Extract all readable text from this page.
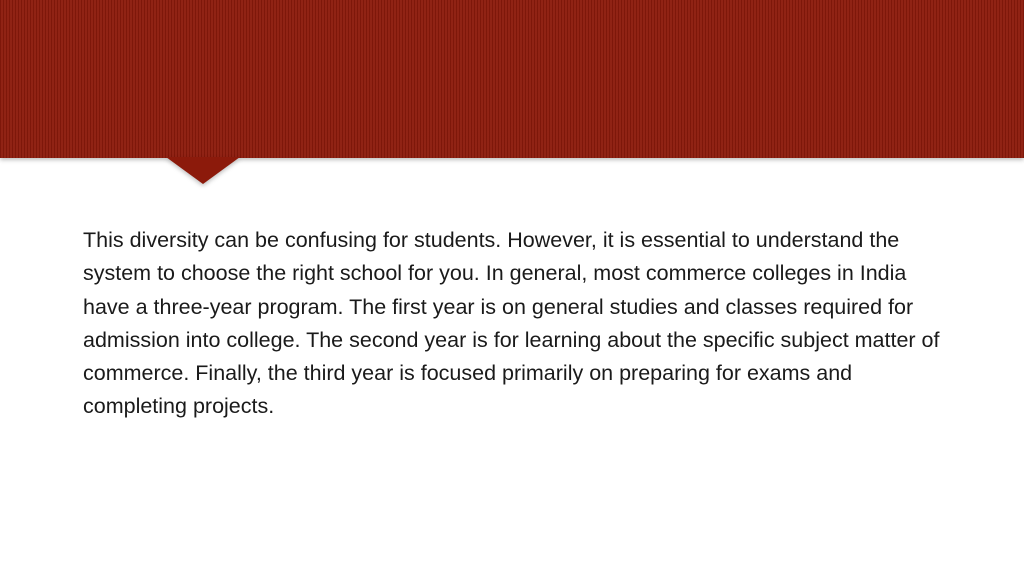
This diversity can be confusing for students. However, it is essential to understand the system to choose the right school for you. In general, most commerce colleges in India have a three-year program. The first year is on general studies and classes required for admission into college. The second year is for learning about the specific subject matter of commerce. Finally, the third year is focused primarily on preparing for exams and completing projects.
